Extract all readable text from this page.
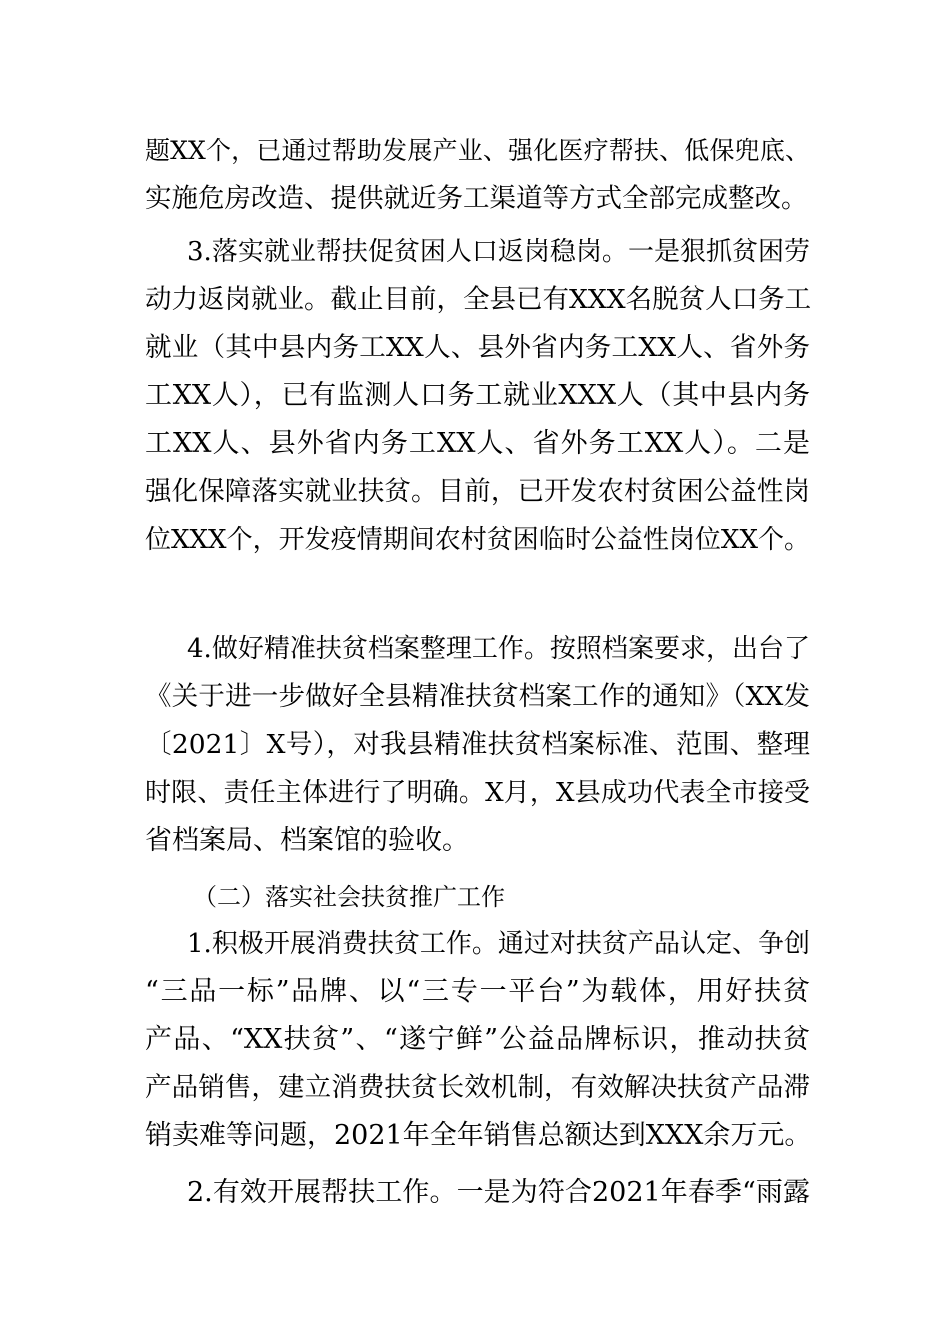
题XX个，已通过帮助发展产业、强化医疗帮扶、低保兜底、
实施危房改造、提供就近务工渠道等方式全部完成整改。
3.落实就业帮扶促贫困人口返岗稳岗。一是狠抓贫困劳
动力返岗就业。截止目前，全县已有XXX名脱贫人口务工
就业（其中县内务工XX人、县外省内务工XX人、省外务
工XX人），已有监测人口务工就业XXX人（其中县内务
工XX人、县外省内务工XX人、省外务工XX人）。二是
强化保障落实就业扶贫。目前，已开发农村贫困公益性岗
位XXX个，开发疫情期间农村贫困临时公益性岗位XX个。
4.做好精准扶贫档案整理工作。按照档案要求，出台了
《关于进一步做好全县精准扶贫档案工作的通知》（XX发
〔2021〕X号），对我县精准扶贫档案标准、范围、整理
时限、责任主体进行了明确。X月，X县成功代表全市接受
省档案局、档案馆的验收。
（二）落实社会扶贫推广工作
1.积极开展消费扶贫工作。通过对扶贫产品认定、争创
“三品一标”品牌、以“三专一平台”为载体，用好扶贫
产品、“XX扶贫”、“遂宁鲜”公益品牌标识，推动扶贫
产品销售，建立消费扶贫长效机制，有效解决扶贫产品滞
销卖难等问题，2021年全年销售总额达到XXX余万元。
2.有效开展帮扶工作。一是为符合2021年春季“雨露
